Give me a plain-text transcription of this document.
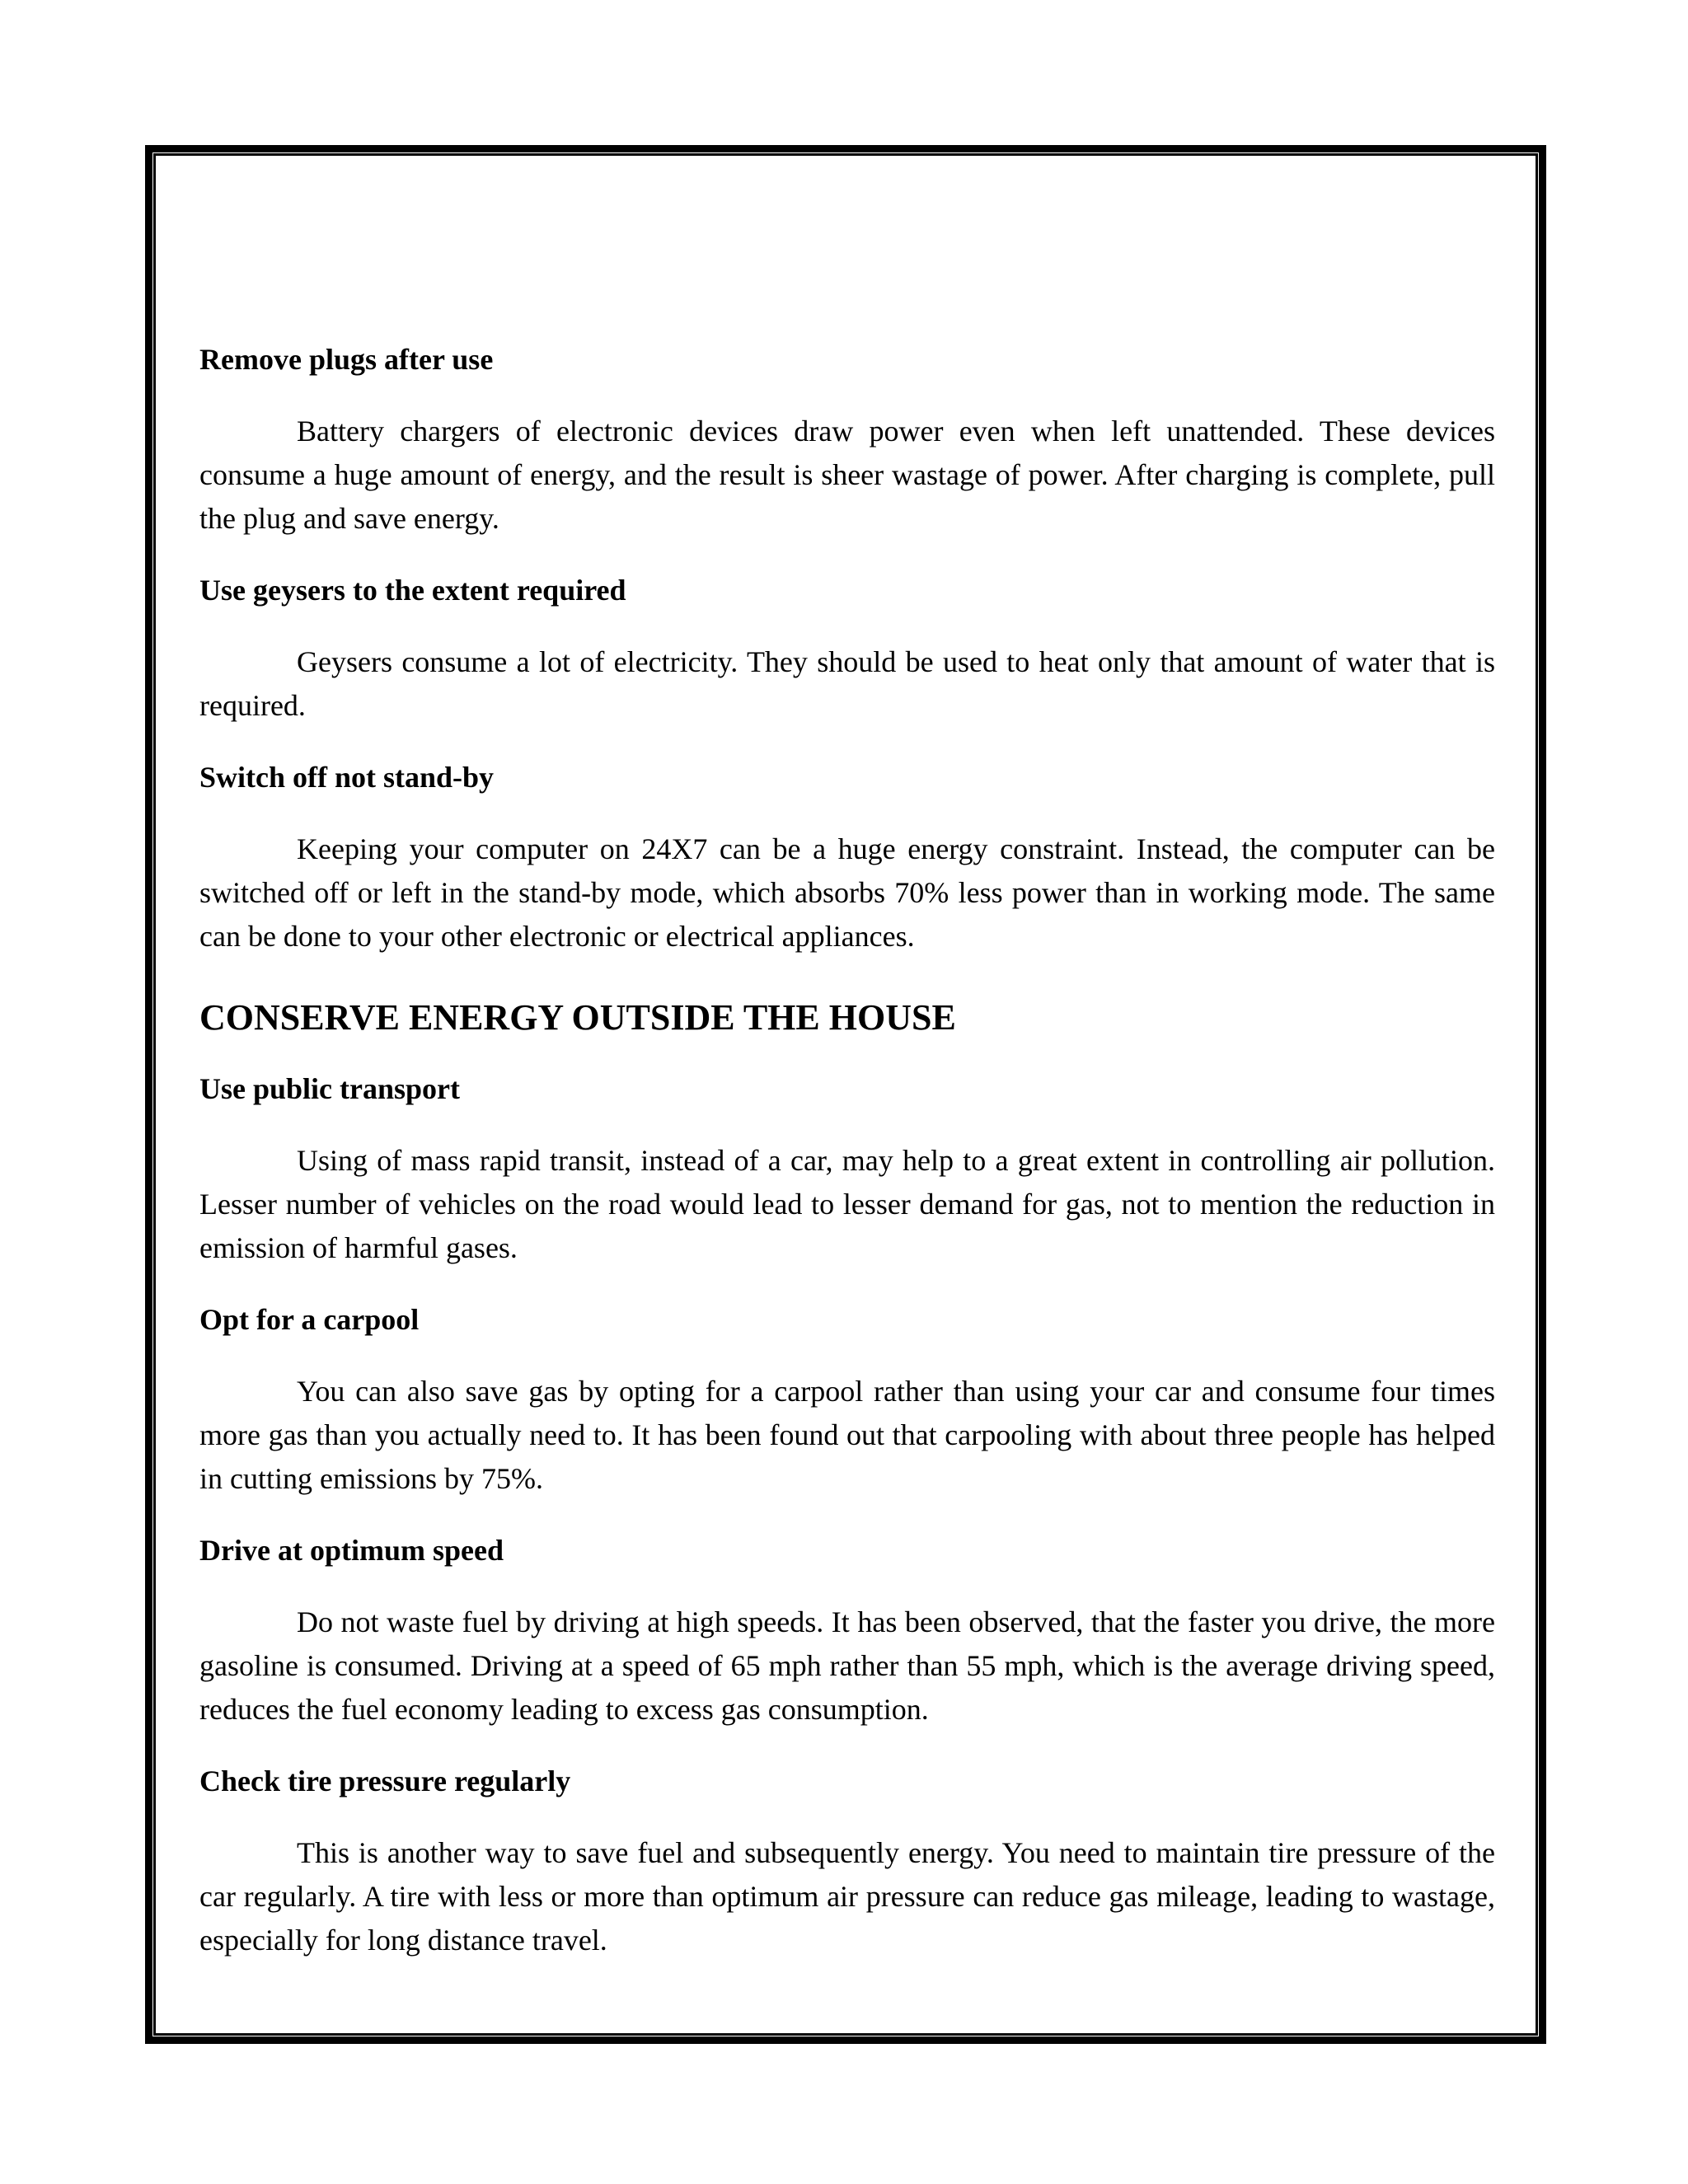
Remove plugs after use

Battery chargers of electronic devices draw power even when left unattended. These devices consume a huge amount of energy, and the result is sheer wastage of power. After charging is complete, pull the plug and save energy.

Use geysers to the extent required

Geysers consume a lot of electricity. They should be used to heat only that amount of water that is required.

Switch off not stand-by

Keeping your computer on 24X7 can be a huge energy constraint. Instead, the computer can be switched off or left in the stand-by mode, which absorbs 70% less power than in working mode. The same can be done to your other electronic or electrical appliances.

CONSERVE ENERGY OUTSIDE THE HOUSE
Use public transport

Using of mass rapid transit, instead of a car, may help to a great extent in controlling air pollution. Lesser number of vehicles on the road would lead to lesser demand for gas, not to mention the reduction in emission of harmful gases.

Opt for a carpool

You can also save gas by opting for a carpool rather than using your car and consume four times more gas than you actually need to. It has been found out that carpooling with about three people has helped in cutting emissions by 75%.

Drive at optimum speed

Do not waste fuel by driving at high speeds. It has been observed, that the faster you drive, the more gasoline is consumed. Driving at a speed of 65 mph rather than 55 mph, which is the average driving speed, reduces the fuel economy leading to excess gas consumption.

Check tire pressure regularly

This is another way to save fuel and subsequently energy. You need to maintain tire pressure of the car regularly. A tire with less or more than optimum air pressure can reduce gas mileage, leading to wastage, especially for long distance travel.
